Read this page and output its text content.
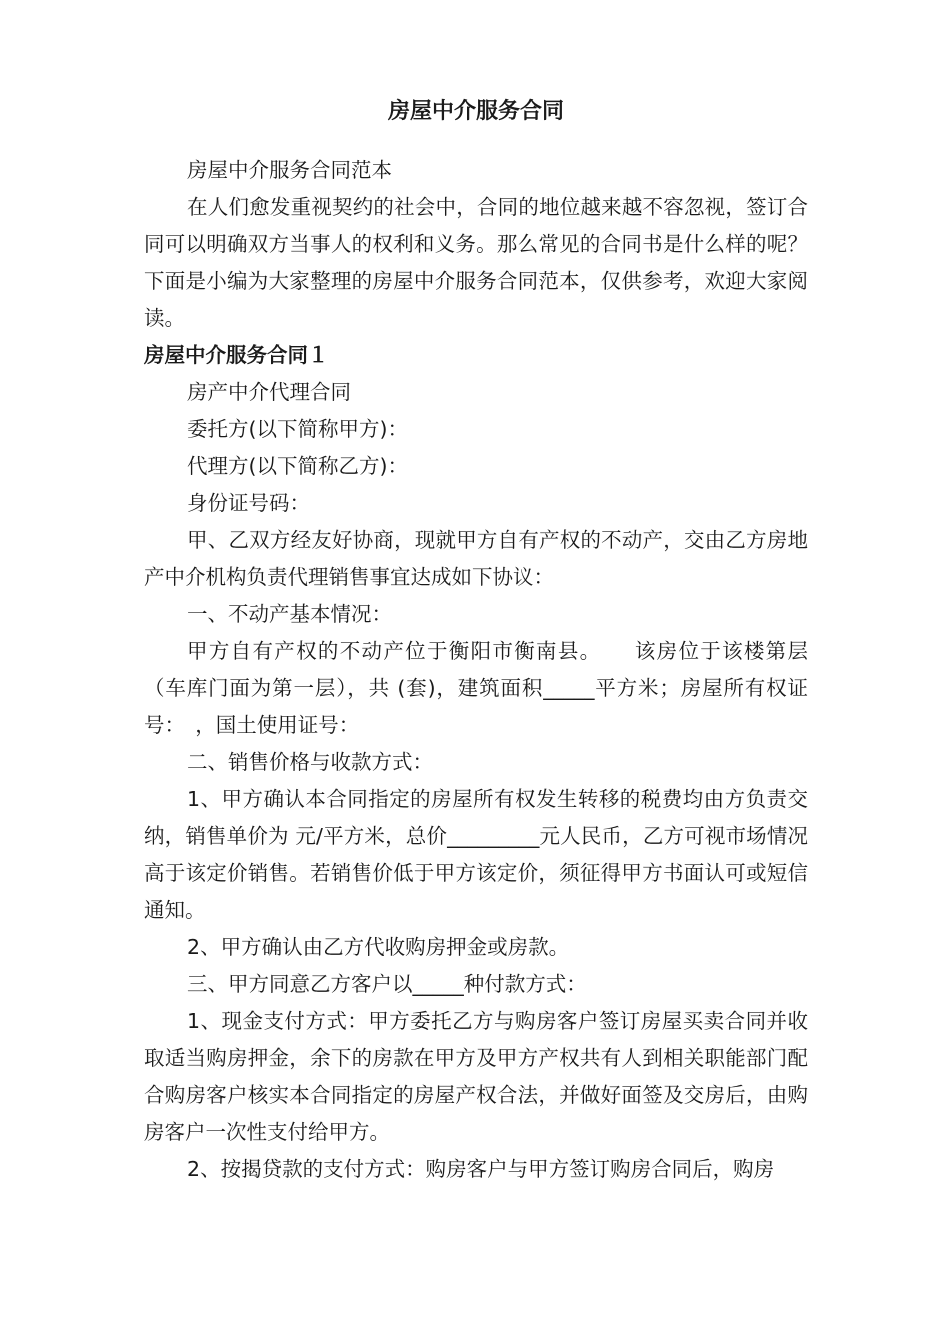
房屋中介服务合同

房屋中介服务合同范本

在人们愈发重视契约的社会中，合同的地位越来越不容忽视，签订合同可以明确双方当事人的权利和义务。那么常见的合同书是什么样的呢？下面是小编为大家整理的房屋中介服务合同范本，仅供参考，欢迎大家阅读。

房屋中介服务合同１

房产中介代理合同

委托方(以下简称甲方)：

代理方(以下简称乙方)：

身份证号码：

甲、乙双方经友好协商，现就甲方自有产权的不动产，交由乙方房地产中介机构负责代理销售事宜达成如下协议：

一、不动产基本情况：

甲方自有产权的不动产位于衡阳市衡南县。　　该房位于该楼第层（车库门面为第一层），共 (套)，建筑面积_____平方米；房屋所有权证号：　，国土使用证号：

二、销售价格与收款方式：

1、甲方确认本合同指定的房屋所有权发生转移的税费均由方负责交纳，销售单价为 元/平方米，总价_________元人民币，乙方可视市场情况高于该定价销售。若销售价低于甲方该定价，须征得甲方书面认可或短信通知。

2、甲方确认由乙方代收购房押金或房款。

三、甲方同意乙方客户以_____种付款方式：

1、现金支付方式：甲方委托乙方与购房客户签订房屋买卖合同并收取适当购房押金，余下的房款在甲方及甲方产权共有人到相关职能部门配合购房客户核实本合同指定的房屋产权合法，并做好面签及交房后，由购房客户一次性支付给甲方。

2、按揭贷款的支付方式：购房客户与甲方签订购房合同后，购房
